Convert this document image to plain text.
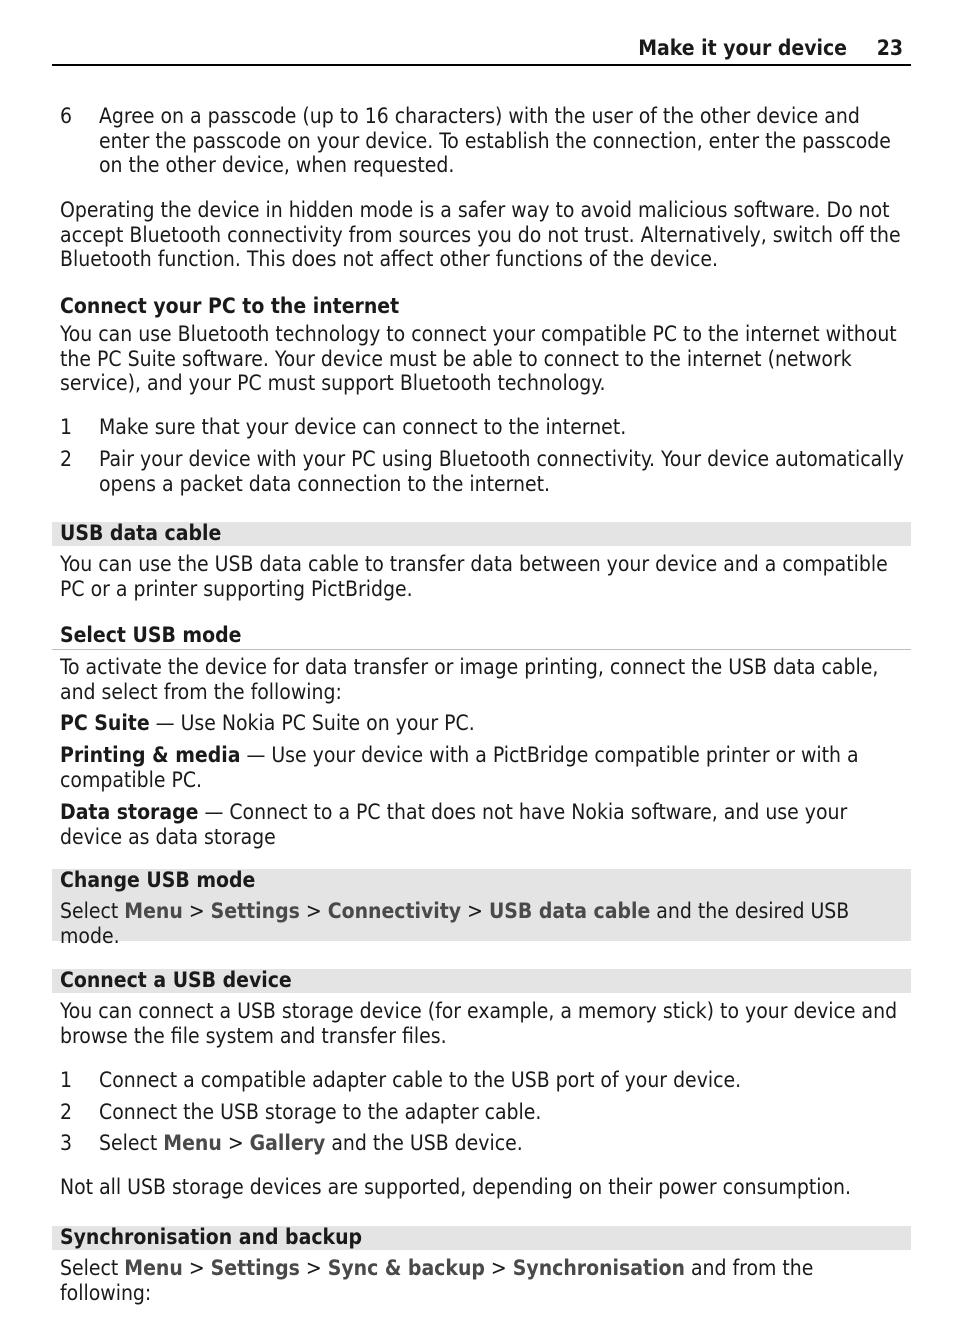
Make it your device 23
6 Agree on a passcode (up to 16 characters) with the user of the other device and enter the passcode on your device. To establish the connection, enter the passcode on the other device, when requested.
Operating the device in hidden mode is a safer way to avoid malicious software. Do not accept Bluetooth connectivity from sources you do not trust. Alternatively, switch off the Bluetooth function. This does not affect other functions of the device.
Connect your PC to the internet
You can use Bluetooth technology to connect your compatible PC to the internet without the PC Suite software. Your device must be able to connect to the internet (network service), and your PC must support Bluetooth technology.
1 Make sure that your device can connect to the internet.
2 Pair your device with your PC using Bluetooth connectivity. Your device automatically opens a packet data connection to the internet.
USB data cable
You can use the USB data cable to transfer data between your device and a compatible PC or a printer supporting PictBridge.
Select USB mode
To activate the device for data transfer or image printing, connect the USB data cable, and select from the following:
PC Suite — Use Nokia PC Suite on your PC.
Printing & media — Use your device with a PictBridge compatible printer or with a compatible PC.
Data storage — Connect to a PC that does not have Nokia software, and use your device as data storage
Change USB mode
Select Menu > Settings > Connectivity > USB data cable and the desired USB mode.
Connect a USB device
You can connect a USB storage device (for example, a memory stick) to your device and browse the file system and transfer files.
1 Connect a compatible adapter cable to the USB port of your device.
2 Connect the USB storage to the adapter cable.
3 Select Menu > Gallery and the USB device.
Not all USB storage devices are supported, depending on their power consumption.
Synchronisation and backup
Select Menu > Settings > Sync & backup > Synchronisation and from the following:
